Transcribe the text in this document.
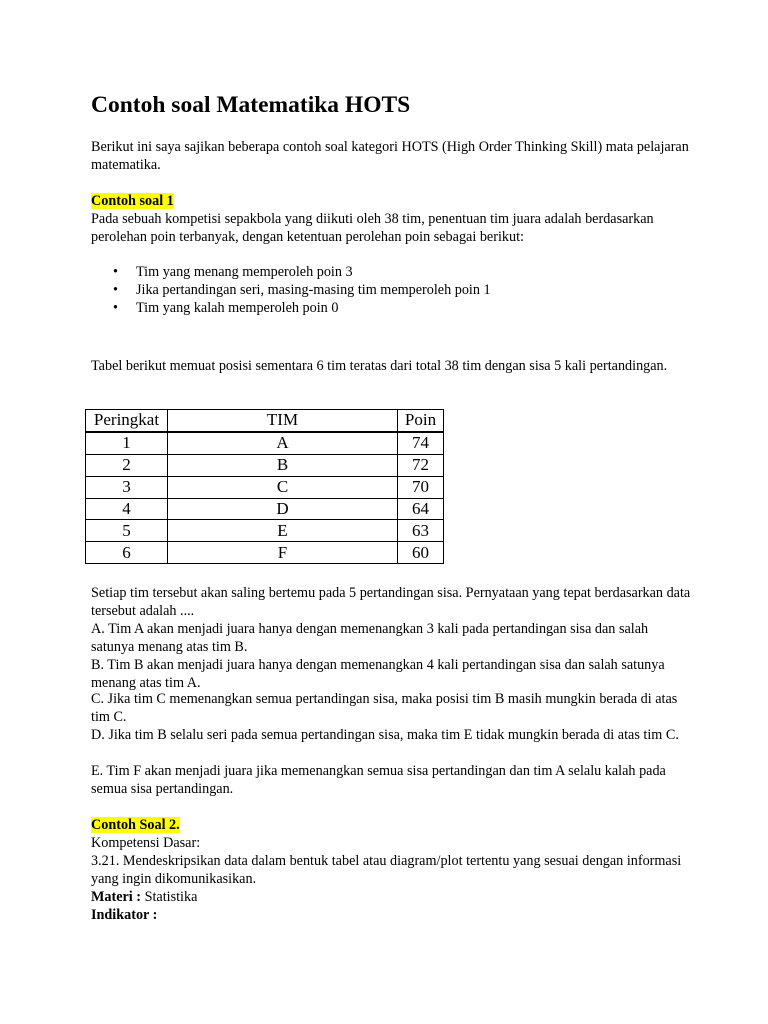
Contoh soal Matematika HOTS

Berikut ini saya sajikan beberapa contoh soal kategori HOTS (High Order Thinking Skill) mata pelajaran matematika.

Contoh soal 1

Pada sebuah kompetisi sepakbola yang diikuti oleh 38 tim, penentuan tim juara adalah berdasarkan perolehan poin terbanyak, dengan ketentuan perolehan poin sebagai berikut:

• Tim yang menang memperoleh poin 3
• Jika pertandingan seri, masing-masing tim memperoleh poin 1
• Tim yang kalah memperoleh poin 0

Tabel berikut memuat posisi sementara 6 tim teratas dari total 38 tim dengan sisa 5 kali pertandingan.

Peringkat	TIM	Poin
1	A	74
2	B	72
3	C	70
4	D	64
5	E	63
6	F	60

Setiap tim tersebut akan saling bertemu pada 5 pertandingan sisa. Pernyataan yang tepat berdasarkan data tersebut adalah ....

A. Tim A akan menjadi juara hanya dengan memenangkan 3 kali pada pertandingan sisa dan salah satunya menang atas tim B.

B. Tim B akan menjadi juara hanya dengan memenangkan 4 kali pertandingan sisa dan salah satunya menang atas tim A.

C. Jika tim C memenangkan semua pertandingan sisa, maka posisi tim B masih mungkin berada di atas tim C.

D. Jika tim B selalu seri pada semua pertandingan sisa, maka tim E tidak mungkin berada di atas tim C.

E. Tim F akan menjadi juara jika memenangkan semua sisa pertandingan dan tim A selalu kalah pada semua sisa pertandingan.

Contoh Soal 2.

Kompetensi Dasar:

3.21. Mendeskripsikan data dalam bentuk tabel atau diagram/plot tertentu yang sesuai dengan informasi yang ingin dikomunikasikan.

Materi : Statistika

Indikator :
